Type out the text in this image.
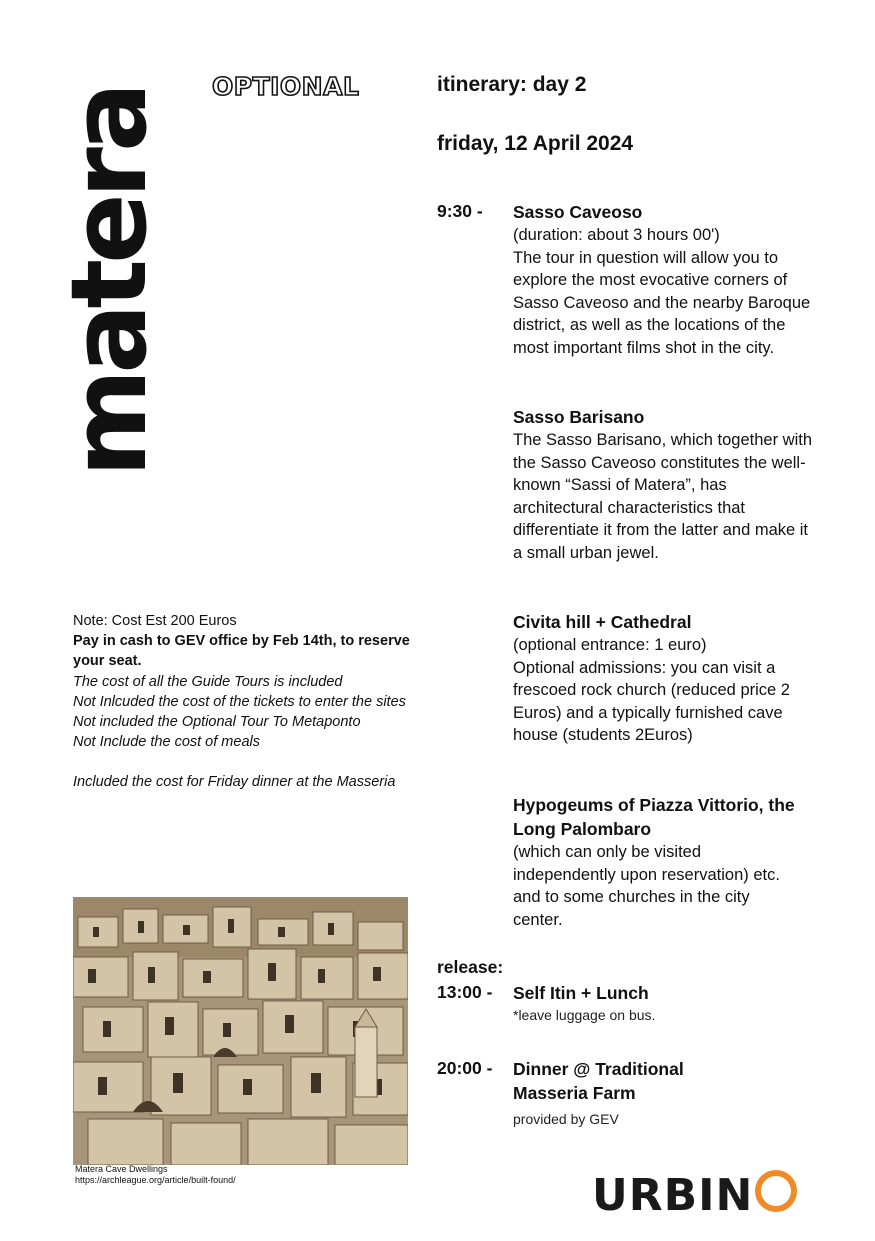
matera
OPTIONAL	itinerary: day 2
friday, 12 April 2024
9:30 - Sasso Caveoso

(duration: about 3 hours 00')

The tour in question will allow you to explore the most evocative corners of Sasso Caveoso and the nearby Baroque district, as well as the locations of the most important films shot in the city.

Sasso Barisano

The Sasso Barisano, which together with the Sasso Caveoso constitutes the well-known “Sassi of Matera”, has architectural characteristics that differentiate it from the latter and make it a small urban jewel.

Civita hill + Cathedral

(optional entrance: 1 euro)

Optional admissions: you can visit a frescoed rock church (reduced price 2 Euros) and a typically furnished cave house (students 2Euros)

Hypogeums of Piazza Vittorio, the Long Palombaro

(which can only be visited independently upon reservation) etc. and to some churches in the city center.

release:
13:00 - Self Itin + Lunch
*leave luggage on bus.
20:00 - Dinner @ Traditional Masseria Farm
provided by GEV

Note: Cost Est 200 Euros

Pay in cash to GEV office by Feb 14th, to reserve your seat.

The cost of all the Guide Tours is included

Not Inlcuded the cost of the tickets to enter the sites

Not included the Optional Tour To Metaponto

Not Include the cost of meals

Included the cost for Friday dinner at the Masseria

Matera Cave Dwellings
https://archleague.org/article/built-found/	URBIN
